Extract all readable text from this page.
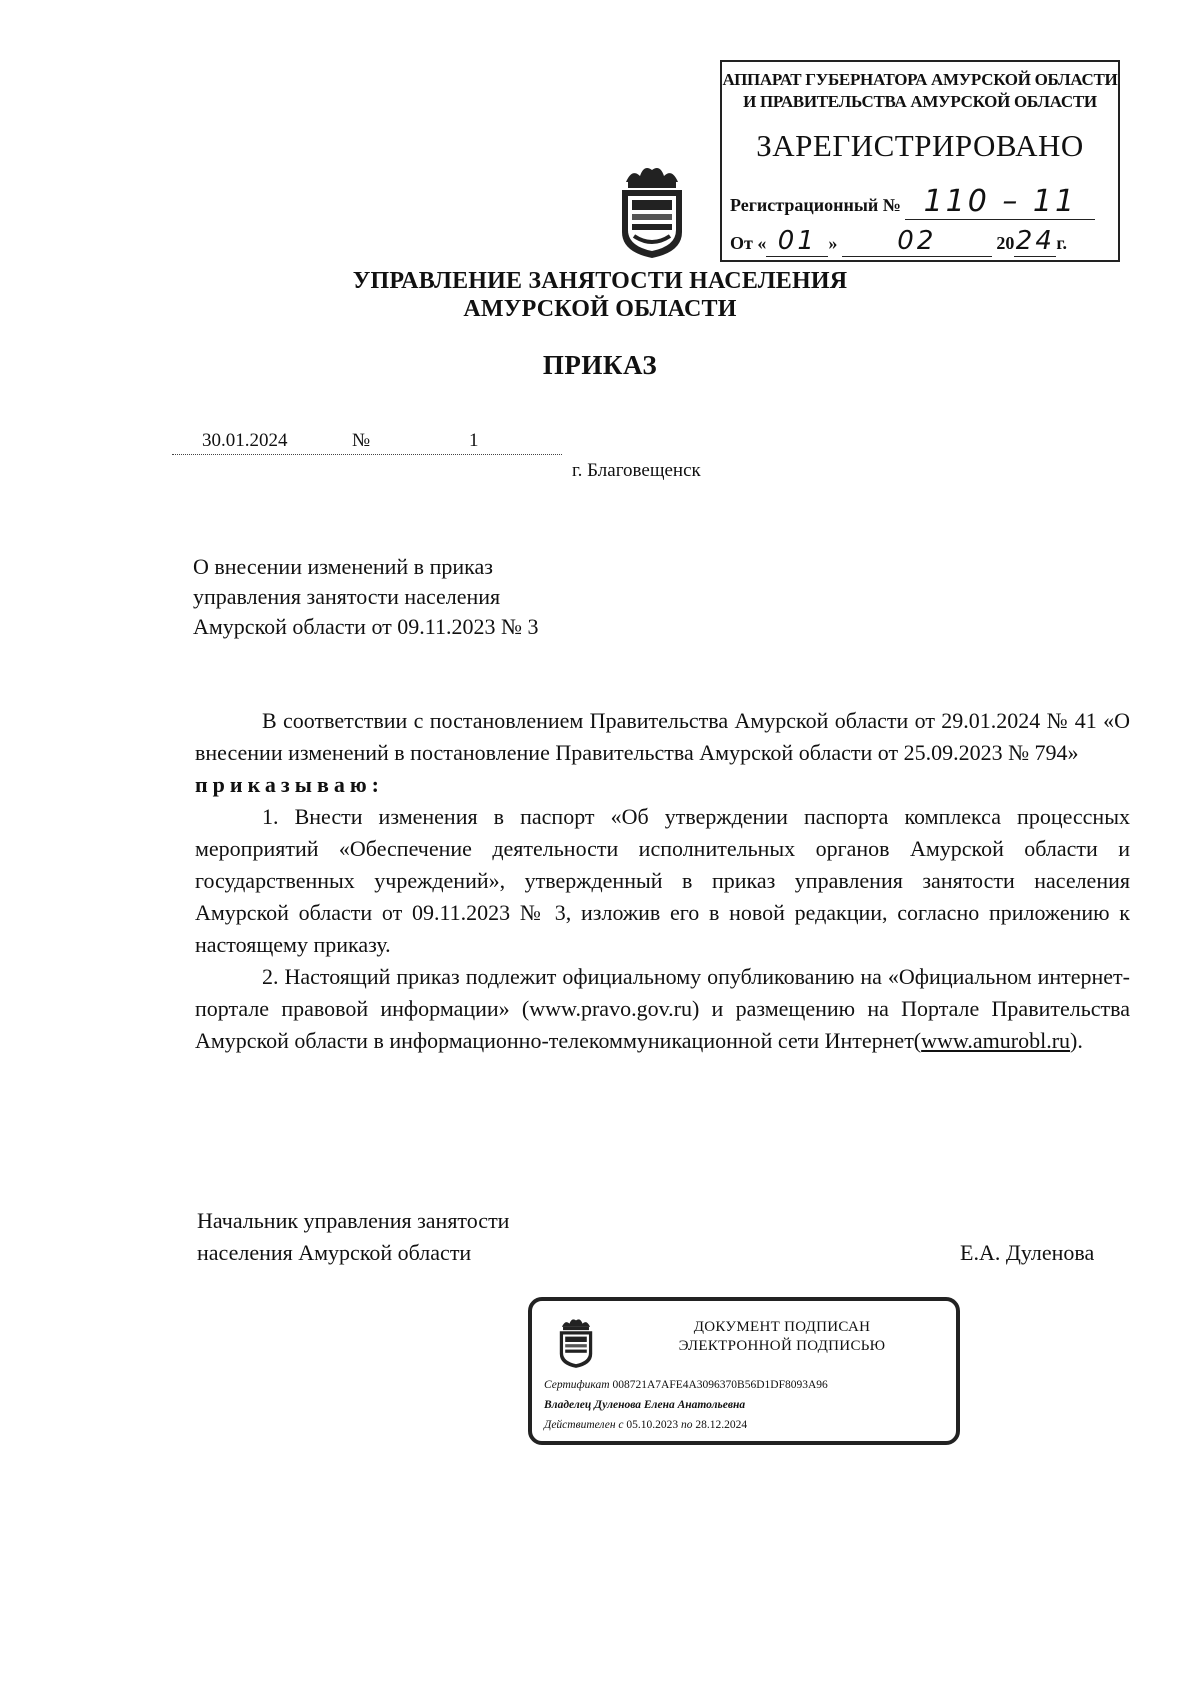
АППАРАТ ГУБЕРНАТОРА АМУРСКОЙ ОБЛАСТИ
И ПРАВИТЕЛЬСТВА АМУРСКОЙ ОБЛАСТИ
ЗАРЕГИСТРИРОВАНО
Регистрационный № 110 – 11
От « 01 » 02	2024г.
УПРАВЛЕНИЕ ЗАНЯТОСТИ НАСЕЛЕНИЯ
АМУРСКОЙ ОБЛАСТИ
ПРИКАЗ
30.01.2024	№	1
г. Благовещенск
О внесении изменений в приказ
управления занятости населения
Амурской области от 09.11.2023 № 3

В соответствии с постановлением Правительства Амурской области от 29.01.2024 № 41 «О внесении изменений в постановление Правительства Амурской области от 25.09.2023 № 794»

приказываю:

1. Внести изменения в паспорт «Об утверждении паспорта комплекса процессных мероприятий «Обеспечение деятельности исполнительных органов Амурской области и государственных учреждений», утвержденный в приказ управления занятости населения Амурской области от 09.11.2023 № 3, изложив его в новой редакции, согласно приложению к настоящему приказу.

2. Настоящий приказ подлежит официальному опубликованию на «Официальном интернет-портале правовой информации» (www.pravo.gov.ru) и размещению на Портале Правительства Амурской области в информационно-телекоммуникационной сети Интернет(www.amurobl.ru).

Начальник управления занятости
населения Амурской области	Е.А. Дуленова
ДОКУМЕНТ ПОДПИСАН
ЭЛЕКТРОННОЙ ПОДПИСЬЮ
Сертификат 008721A7AFE4A3096370B56D1DF8093A96
Владелец Дуленова Елена Анатольевна
Действителен с 05.10.2023 по 28.12.2024
